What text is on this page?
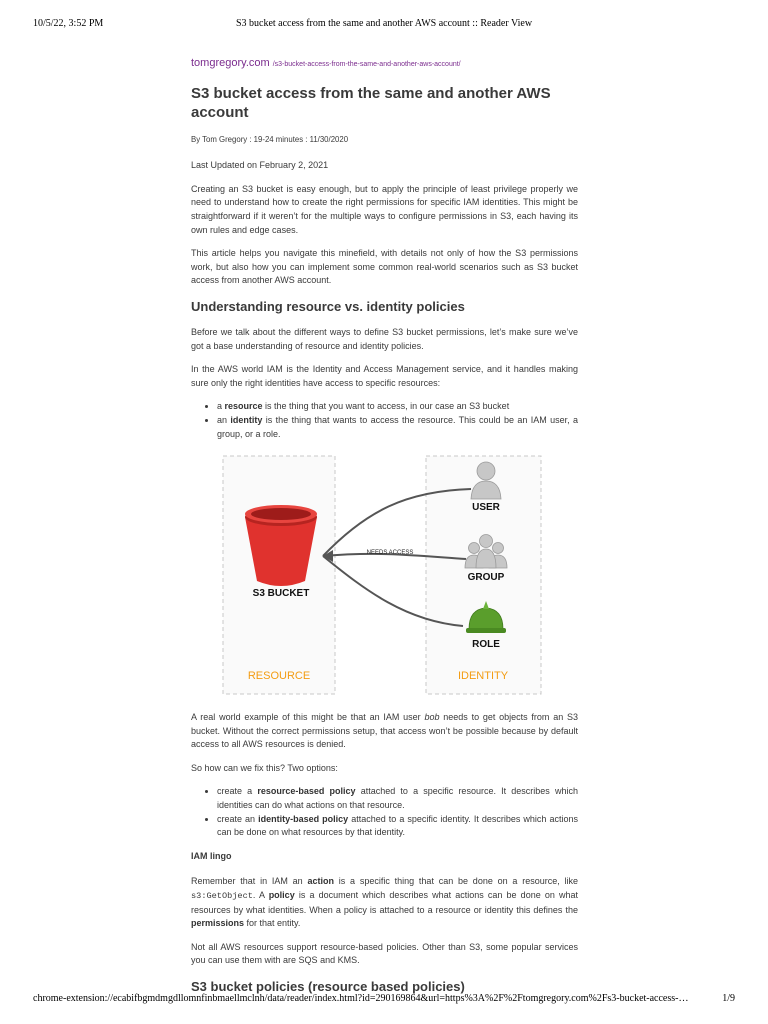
10/5/22, 3:52 PM	S3 bucket access from the same and another AWS account :: Reader View
tomgregory.com /s3-bucket-access-from-the-same-and-another-aws-account/
S3 bucket access from the same and another AWS account
By Tom Gregory : 19-24 minutes : 11/30/2020

Last Updated on February 2, 2021

Creating an S3 bucket is easy enough, but to apply the principle of least privilege properly we need to understand how to create the right permissions for specific IAM identities. This might be straightforward if it weren’t for the multiple ways to configure permissions in S3, each having its own rules and edge cases.

This article helps you navigate this minefield, with details not only of how the S3 permissions work, but also how you can implement some common real-world scenarios such as S3 bucket access from another AWS account.

Understanding resource vs. identity policies

Before we talk about the different ways to define S3 bucket permissions, let’s make sure we’ve got a base understanding of resource and identity policies.

In the AWS world IAM is the Identity and Access Management service, and it handles making sure only the right identities have access to specific resources:

• a resource is the thing that you want to access, in our case an S3 bucket
• an identity is the thing that wants to access the resource. This could be an IAM user, a group, or a role.
S3 BUCKET
NEEDS ACCESS
USER
GROUP
ROLE
RESOURCE	IDENTITY

A real world example of this might be that an IAM user bob needs to get objects from an S3 bucket. Without the correct permissions setup, that access won’t be possible because by default access to all AWS resources is denied.

So how can we fix this? Two options:

• create a resource-based policy attached to a specific resource. It describes which identities can do what actions on that resource.
• create an identity-based policy attached to a specific identity. It describes which actions can be done on what resources by that identity.
IAM lingo

Remember that in IAM an action is a specific thing that can be done on a resource, like s3:GetObject. A policy is a document which describes what actions can be done on what resources by what identities. When a policy is attached to a resource or identity this defines the permissions for that entity.

Not all AWS resources support resource-based policies. Other than S3, some popular services you can use them with are SQS and KMS.

S3 bucket policies (resource based policies)
chrome-extension://ecabifbgmdmgdllomnfinbmaellmclnh/data/reader/index.html?id=290169864&url=https%3A%2F%2Ftomgregory.com%2Fs3-bucket-access-…	1/9
